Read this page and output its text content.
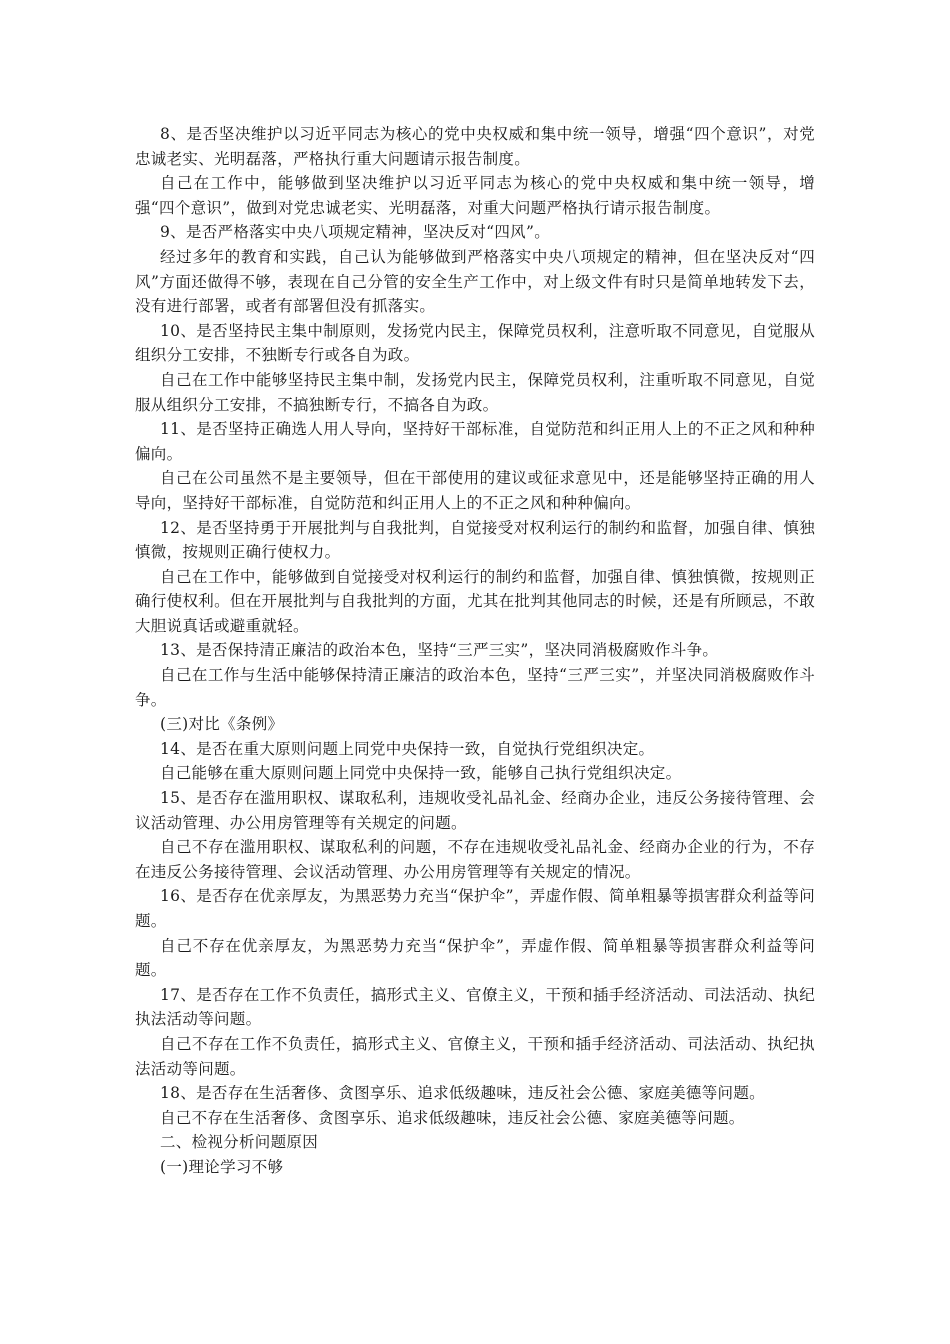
8、是否坚决维护以习近平同志为核心的党中央权威和集中统一领导，增强“四个意识”，对党忠诚老实、光明磊落，严格执行重大问题请示报告制度。

自己在工作中，能够做到坚决维护以习近平同志为核心的党中央权威和集中统一领导，增强“四个意识”，做到对党忠诚老实、光明磊落，对重大问题严格执行请示报告制度。

9、是否严格落实中央八项规定精神，坚决反对“四风”。

经过多年的教育和实践，自己认为能够做到严格落实中央八项规定的精神，但在坚决反对“四风”方面还做得不够，表现在自己分管的安全生产工作中，对上级文件有时只是简单地转发下去，没有进行部署，或者有部署但没有抓落实。

10、是否坚持民主集中制原则，发扬党内民主，保障党员权利，注意听取不同意见，自觉服从组织分工安排，不独断专行或各自为政。

自己在工作中能够坚持民主集中制，发扬党内民主，保障党员权利，注重听取不同意见，自觉服从组织分工安排，不搞独断专行，不搞各自为政。

11、是否坚持正确选人用人导向，坚持好干部标准，自觉防范和纠正用人上的不正之风和种种偏向。

自己在公司虽然不是主要领导，但在干部使用的建议或征求意见中，还是能够坚持正确的用人导向，坚持好干部标准，自觉防范和纠正用人上的不正之风和种种偏向。

12、是否坚持勇于开展批判与自我批判，自觉接受对权利运行的制约和监督，加强自律、慎独慎微，按规则正确行使权力。

自己在工作中，能够做到自觉接受对权利运行的制约和监督，加强自律、慎独慎微，按规则正确行使权利。但在开展批判与自我批判的方面，尤其在批判其他同志的时候，还是有所顾忌，不敢大胆说真话或避重就轻。

13、是否保持清正廉洁的政治本色，坚持“三严三实”，坚决同消极腐败作斗争。

自己在工作与生活中能够保持清正廉洁的政治本色，坚持“三严三实”，并坚决同消极腐败作斗争。

(三)对比《条例》

14、是否在重大原则问题上同党中央保持一致，自觉执行党组织决定。

自己能够在重大原则问题上同党中央保持一致，能够自己执行党组织决定。

15、是否存在滥用职权、谋取私利，违规收受礼品礼金、经商办企业，违反公务接待管理、会议活动管理、办公用房管理等有关规定的问题。

自己不存在滥用职权、谋取私利的问题，不存在违规收受礼品礼金、经商办企业的行为，不存在违反公务接待管理、会议活动管理、办公用房管理等有关规定的情况。

16、是否存在优亲厚友，为黑恶势力充当“保护伞”，弄虚作假、简单粗暴等损害群众利益等问题。

自己不存在优亲厚友，为黑恶势力充当“保护伞”，弄虚作假、简单粗暴等损害群众利益等问题。

17、是否存在工作不负责任，搞形式主义、官僚主义，干预和插手经济活动、司法活动、执纪执法活动等问题。

自己不存在工作不负责任，搞形式主义、官僚主义，干预和插手经济活动、司法活动、执纪执法活动等问题。

18、是否存在生活奢侈、贪图享乐、追求低级趣味，违反社会公德、家庭美德等问题。

自己不存在生活奢侈、贪图享乐、追求低级趣味，违反社会公德、家庭美德等问题。

二、检视分析问题原因

(一)理论学习不够
